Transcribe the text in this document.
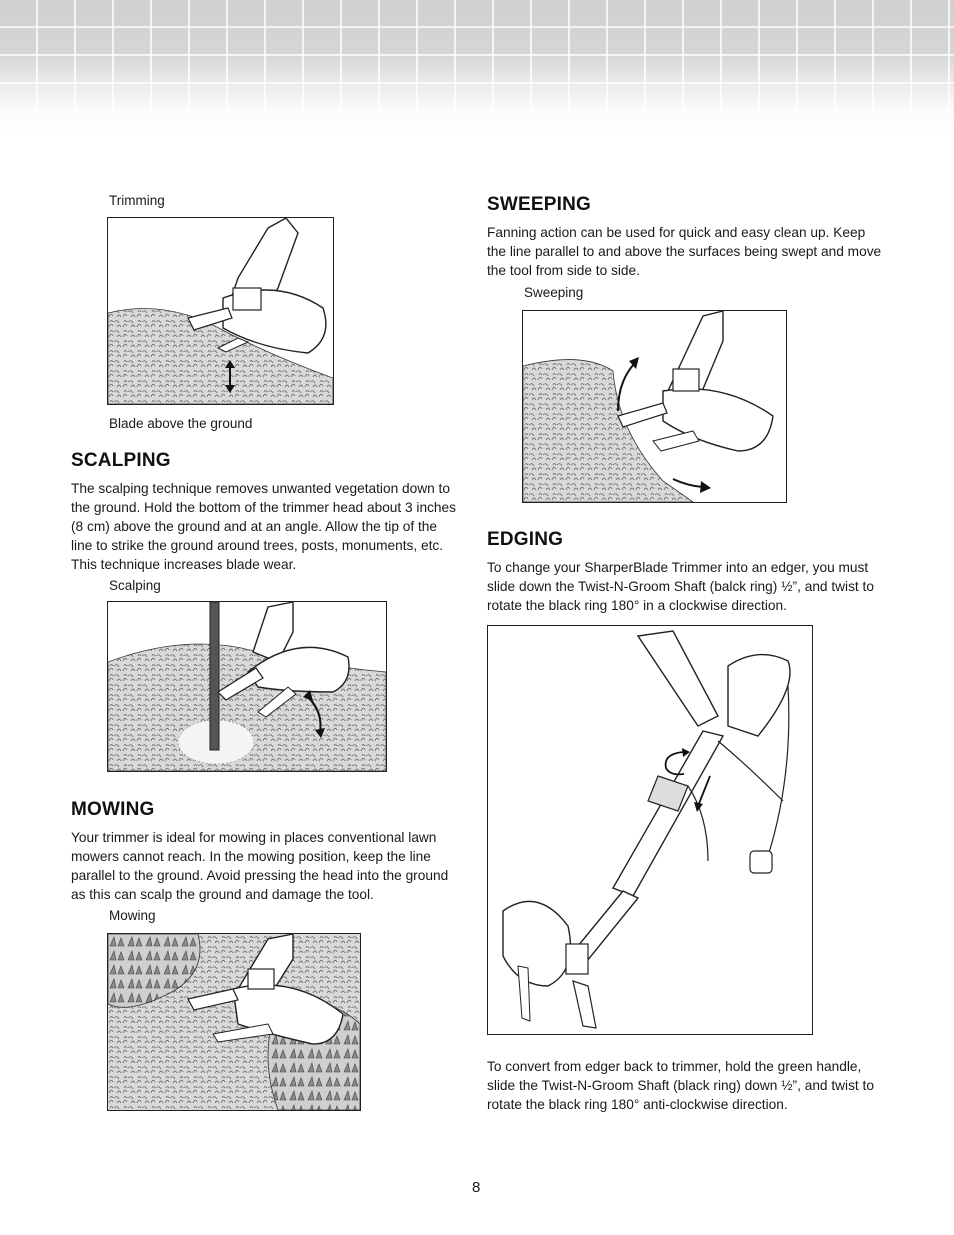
Trimming
Blade above the ground
SCALPING
The scalping technique removes unwanted vegetation down to the ground. Hold the bottom of the trimmer head about 3 inches (8 cm) above the ground and at an angle. Allow the tip of the line to strike the ground around trees, posts, monuments, etc. This technique increases blade wear.
Scalping
MOWING
Your trimmer is ideal for mowing in places conventional lawn mowers cannot reach. In the mowing position, keep the line parallel to the ground. Avoid pressing the head into the ground as this can scalp the ground and damage the tool.
Mowing
SWEEPING
Fanning action can be used for quick and easy clean up. Keep the line parallel to and above the surfaces being swept and move the tool from side to side.
Sweeping
EDGING
To change your SharperBlade Trimmer into an edger, you must slide down the Twist-N-Groom Shaft (balck ring) ½”, and twist to rotate the black ring 180° in a clockwise direction.
To convert from edger back to trimmer, hold the green handle, slide the Twist-N-Groom Shaft (black ring) down ½”, and twist to rotate the black ring 180° anti-clockwise direction.
8
